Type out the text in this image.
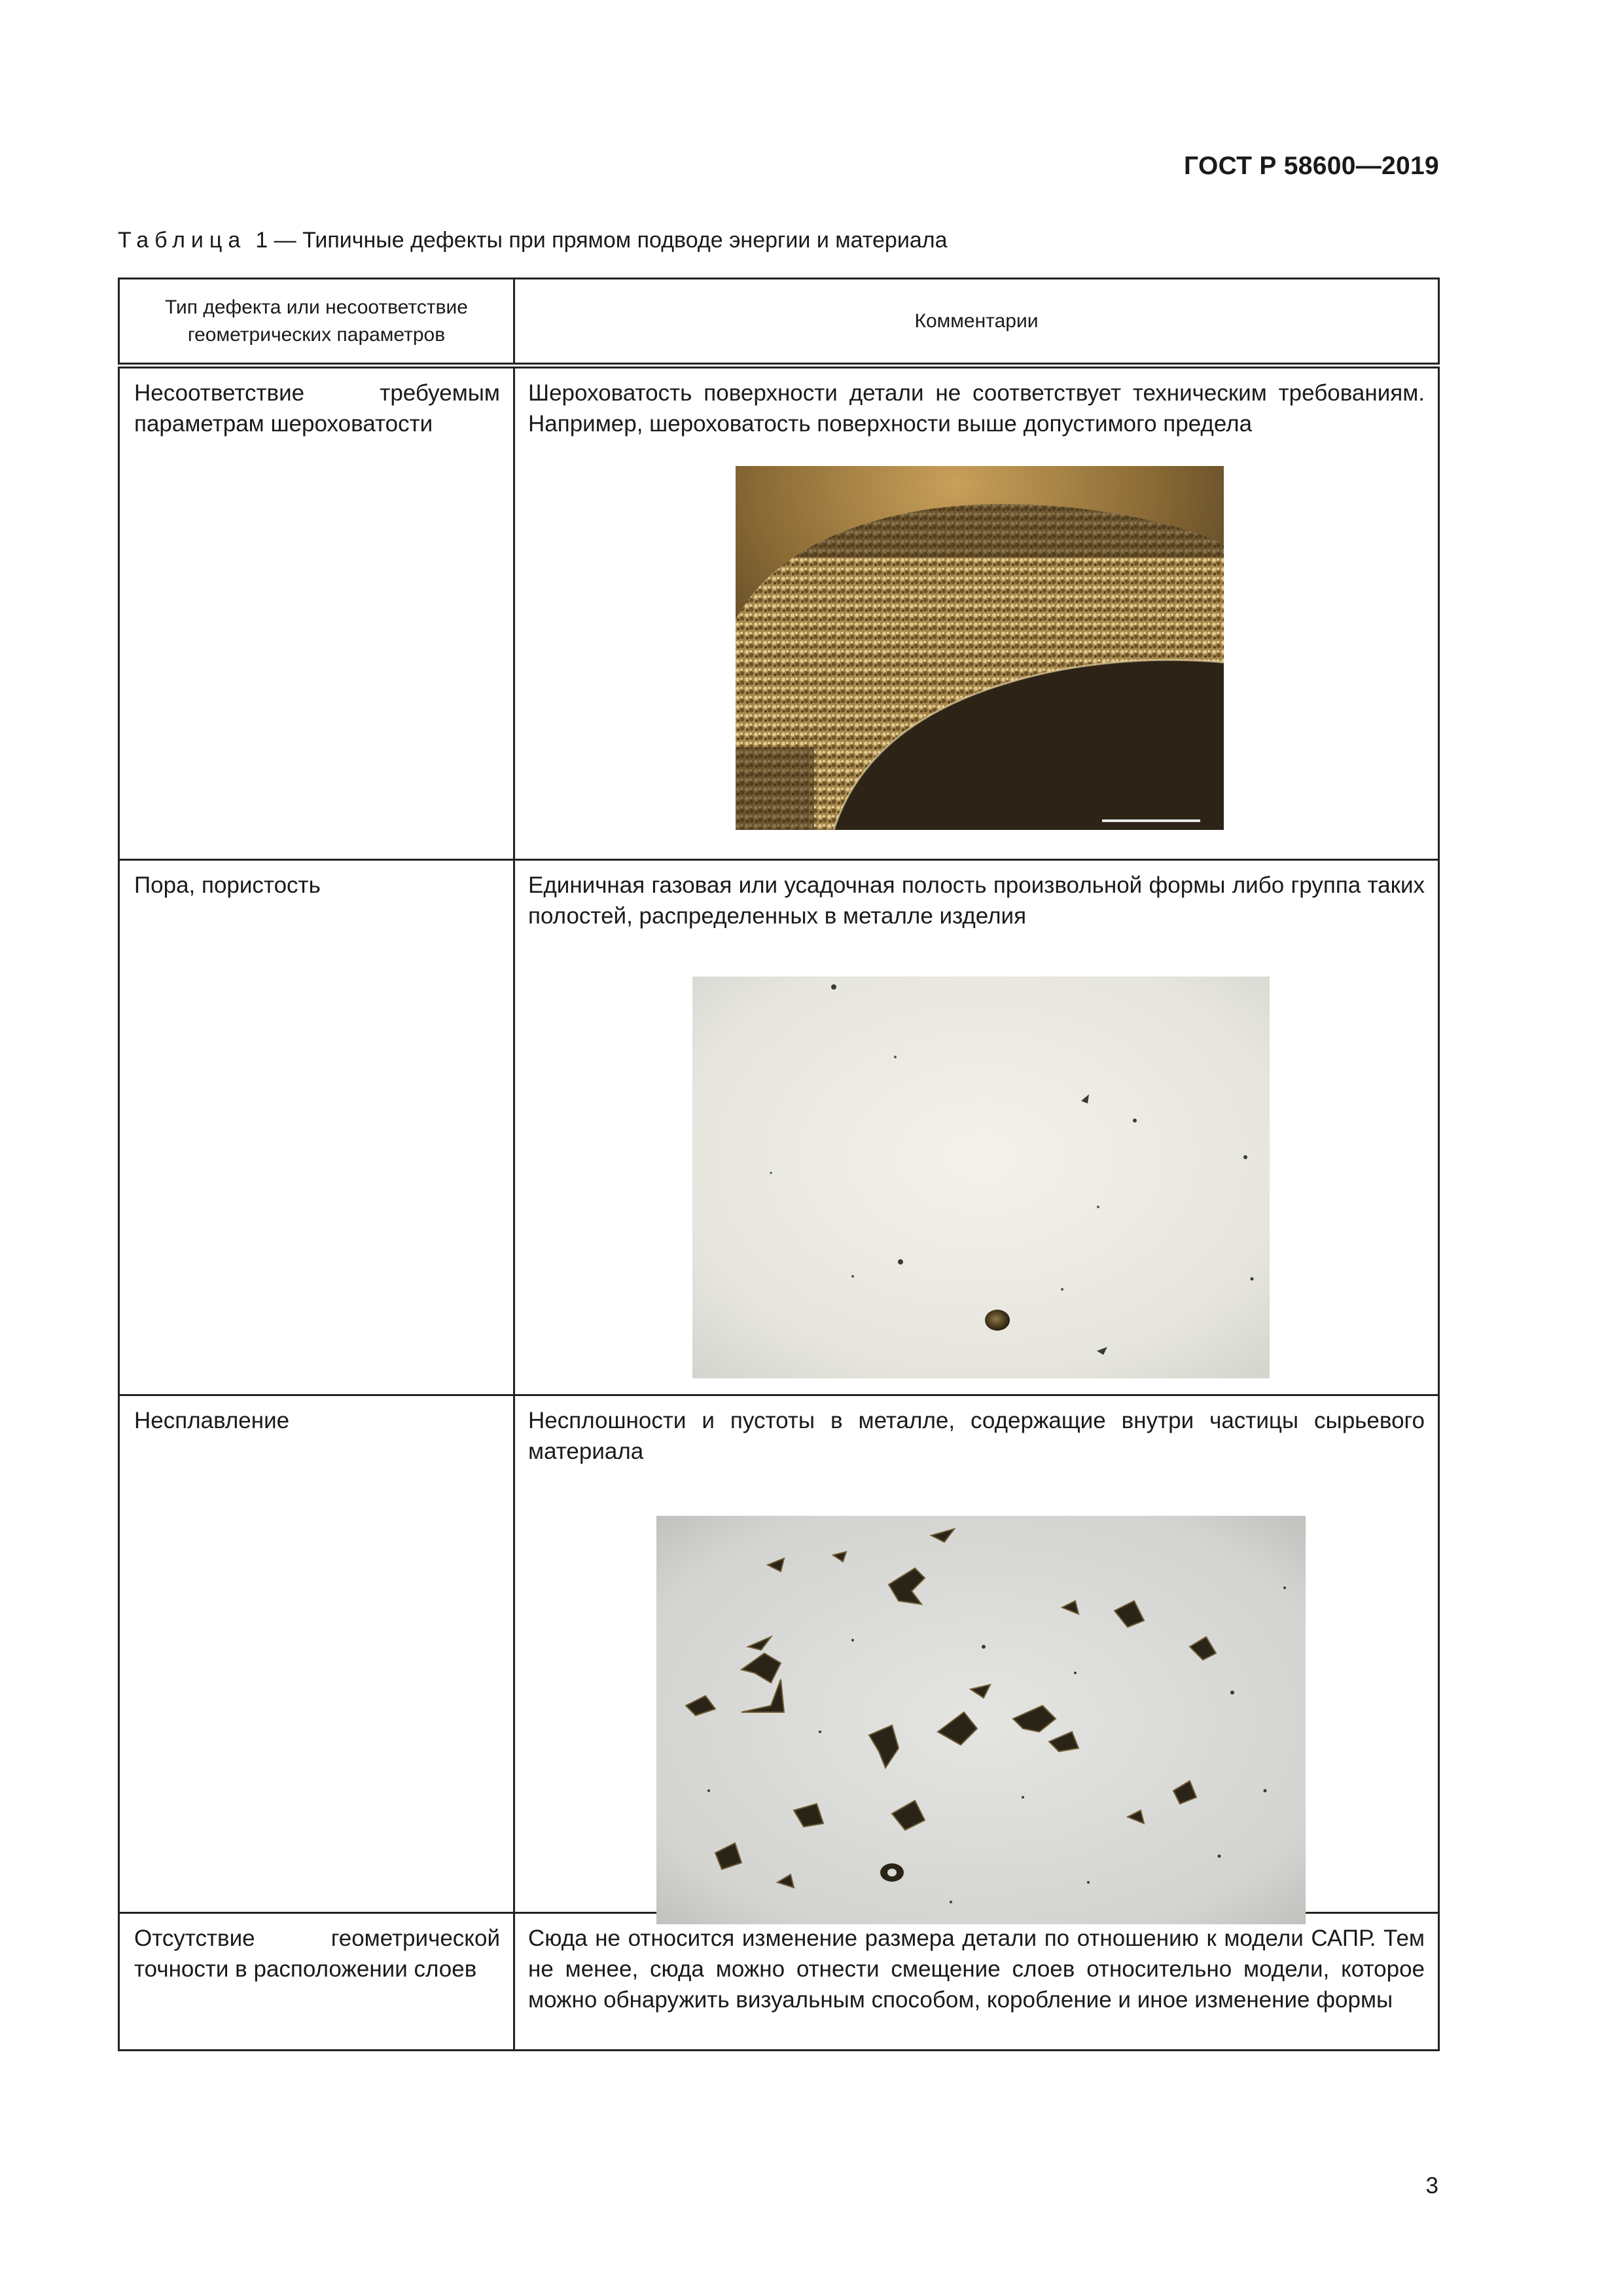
ГОСТ Р 58600—2019
Таблица 1 — Типичные дефекты при прямом подводе энергии и материала
Тип дефекта или несоответствие геометрических параметров	Комментарии
Несоответствие требуемым параметрам шероховатости	Шероховатость поверхности детали не соответствует техническим требованиям. Например, шероховатость поверхности выше допустимого предела

Пора, пористость	Единичная газовая или усадочная полость произвольной формы либо группа таких полостей, распределенных в металле изделия

Несплавление	Несплошности и пустоты в металле, содержащие внутри частицы сырьевого материала

Отсутствие геометрической точности в расположении слоев	Сюда не относится изменение размера детали по отношению к модели САПР. Тем не менее, сюда можно отнести смещение слоев относительно модели, которое можно обнаружить визуальным способом, коробление и иное изменение формы
3
